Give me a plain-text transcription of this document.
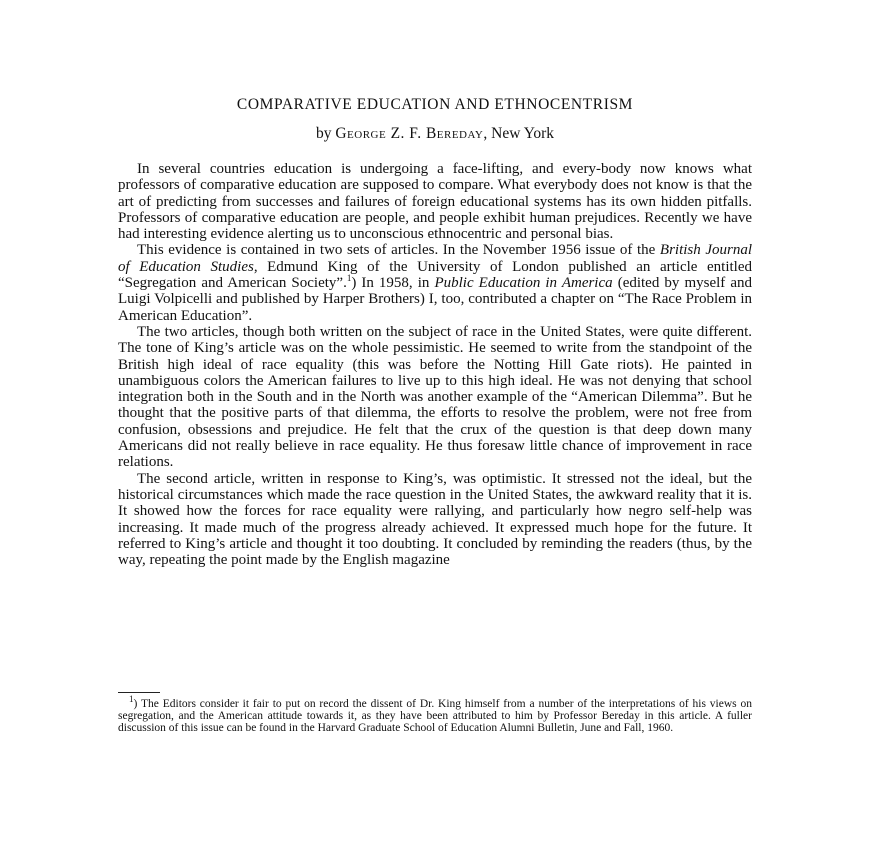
COMPARATIVE EDUCATION AND ETHNOCENTRISM
by George Z. F. Bereday, New York

In several countries education is undergoing a face-lifting, and every-body now knows what professors of comparative education are supposed to compare. What everybody does not know is that the art of predicting from successes and failures of foreign educational systems has its own hidden pitfalls. Professors of comparative education are people, and people exhibit human prejudices. Recently we have had interesting evidence alerting us to unconscious ethnocentric and personal bias.

This evidence is contained in two sets of articles. In the November 1956 issue of the British Journal of Education Studies, Edmund King of the University of London published an article entitled “Segregation and American Society”.$^1$) In 1958, in Public Education in America (edited by myself and Luigi Volpicelli and published by Harper Brothers) I, too, contributed a chapter on “The Race Problem in American Education”.

The two articles, though both written on the subject of race in the United States, were quite different. The tone of King’s article was on the whole pessimistic. He seemed to write from the standpoint of the British high ideal of race equality (this was before the Notting Hill Gate riots). He painted in unambiguous colors the American failures to live up to this high ideal. He was not denying that school integration both in the South and in the North was another example of the “American Dilemma”. But he thought that the positive parts of that dilemma, the efforts to resolve the problem, were not free from confusion, obsessions and prejudice. He felt that the crux of the question is that deep down many Americans did not really believe in race equality. He thus foresaw little chance of improvement in race relations.

The second article, written in response to King’s, was optimistic. It stressed not the ideal, but the historical circumstances which made the race question in the United States, the awkward reality that it is. It showed how the forces for race equality were rallying, and particularly how negro self-help was increasing. It made much of the progress already achieved. It expressed much hope for the future. It referred to King’s article and thought it too doubting. It concluded by reminding the readers (thus, by the way, repeating the point made by the English magazine

$^1$) The Editors consider it fair to put on record the dissent of Dr. King himself from a number of the interpretations of his views on segregation, and the American attitude towards it, as they have been attributed to him by Professor Bereday in this article. A fuller discussion of this issue can be found in the Harvard Graduate School of Education Alumni Bulletin, June and Fall, 1960.
